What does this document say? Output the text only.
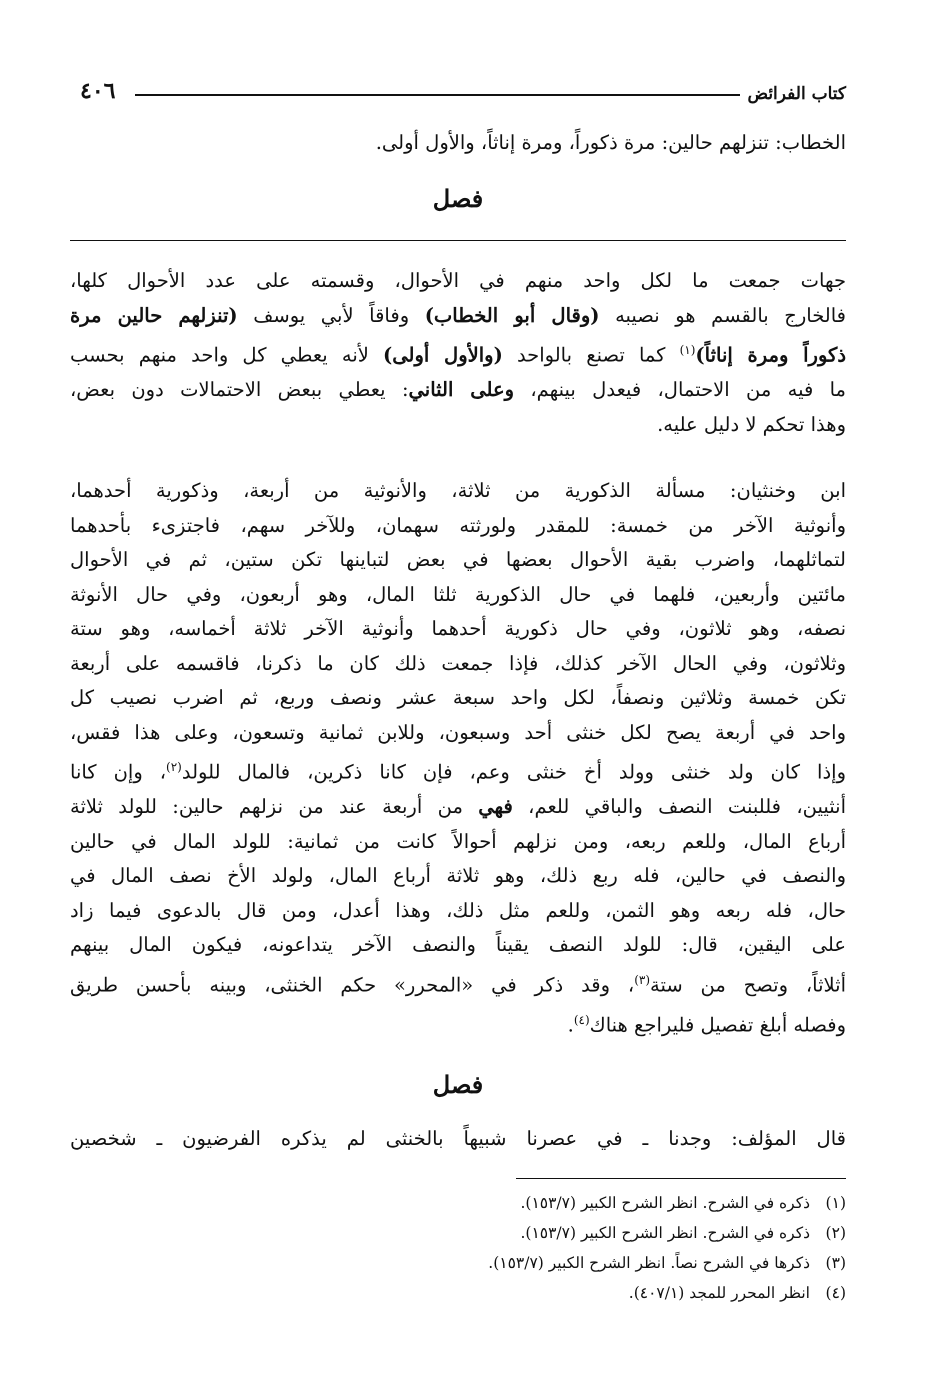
كتاب الفرائض
٤٠٦
الخطاب: تنزلهم حالين: مرة ذكوراً، ومرة إناثاً، والأول أولى.
فصل
جهات جمعت ما لكل واحد منهم في الأحوال، وقسمته على عدد الأحوال كلها،
فالخارج بالقسم هو نصيبه (وقال أبو الخطاب) وفاقاً لأبي يوسف (تنزلهم حالين مرة
ذكوراً ومرة إناثاً)$^{(١)}$ كما تصنع بالواحد (والأول أولى) لأنه يعطي كل واحد منهم بحسب
ما فيه من الاحتمال، فيعدل بينهم، وعلى الثاني: يعطي ببعض الاحتمالات دون بعض،
وهذا تحكم لا دليل عليه.
ابن وخنثيان: مسألة الذكورية من ثلاثة، والأنوثية من أربعة، وذكورية أحدهما،
وأنوثية الآخر من خمسة: للمقدر ولورثته سهمان، وللآخر سهم، فاجتزىء بأحدهما
لتماثلهما، واضرب بقية الأحوال بعضها في بعض لتباينها تكن ستين، ثم في الأحوال
مائتين وأربعين، فلهما في حال الذكورية ثلثا المال، وهو أربعون، وفي حال الأنوثة
نصفه، وهو ثلاثون، وفي حال ذكورية أحدهما وأنوثية الآخر ثلاثة أخماسه، وهو ستة
وثلاثون، وفي الحال الآخر كذلك، فإذا جمعت ذلك كان ما ذكرنا، فاقسمه على أربعة
تكن خمسة وثلاثين ونصفاً، لكل واحد سبعة عشر ونصف وربع، ثم اضرب نصيب كل
واحد في أربعة يصح لكل خنثى أحد وسبعون، وللابن ثمانية وتسعون، وعلى هذا فقس،
وإذا كان ولد خنثى وولد أخ خنثى وعم، فإن كانا ذكرين، فالمال للولد$^{(٢)}$، وإن كانا
أنثيين، فللبنت النصف والباقي للعم، فهي من أربعة عند من نزلهم حالين: للولد ثلاثة
أرباع المال، وللعم ربعه، ومن نزلهم أحوالاً كانت من ثمانية: للولد المال في حالين
والنصف في حالين، فله ربع ذلك، وهو ثلاثة أرباع المال، ولولد الأخ نصف المال في
حال، فله ربعه وهو الثمن، وللعم مثل ذلك، وهذا أعدل، ومن قال بالدعوى فيما زاد
على اليقين، قال: للولد النصف يقيناً والنصف الآخر يتداعونه، فيكون المال بينهم
أثلاثاً، وتصح من ستة$^{(٣)}$، وقد ذكر في «المحرر» حكم الخنثى، وبينه بأحسن طريق
وفصله أبلغ تفصيل فليراجع هناك$^{(٤)}$.
فصل
قال المؤلف: وجدنا ـ في عصرنا شبيهاً بالخنثى لم يذكره الفرضيون ـ شخصين
(١)ذكره في الشرح. انظر الشرح الكبير (١٥٣/٧).
(٢)ذكره في الشرح. انظر الشرح الكبير (١٥٣/٧).
(٣)ذكرها في الشرح نصاً. انظر الشرح الكبير (١٥٣/٧).
(٤)انظر المحرر للمجد (٤٠٧/١).
